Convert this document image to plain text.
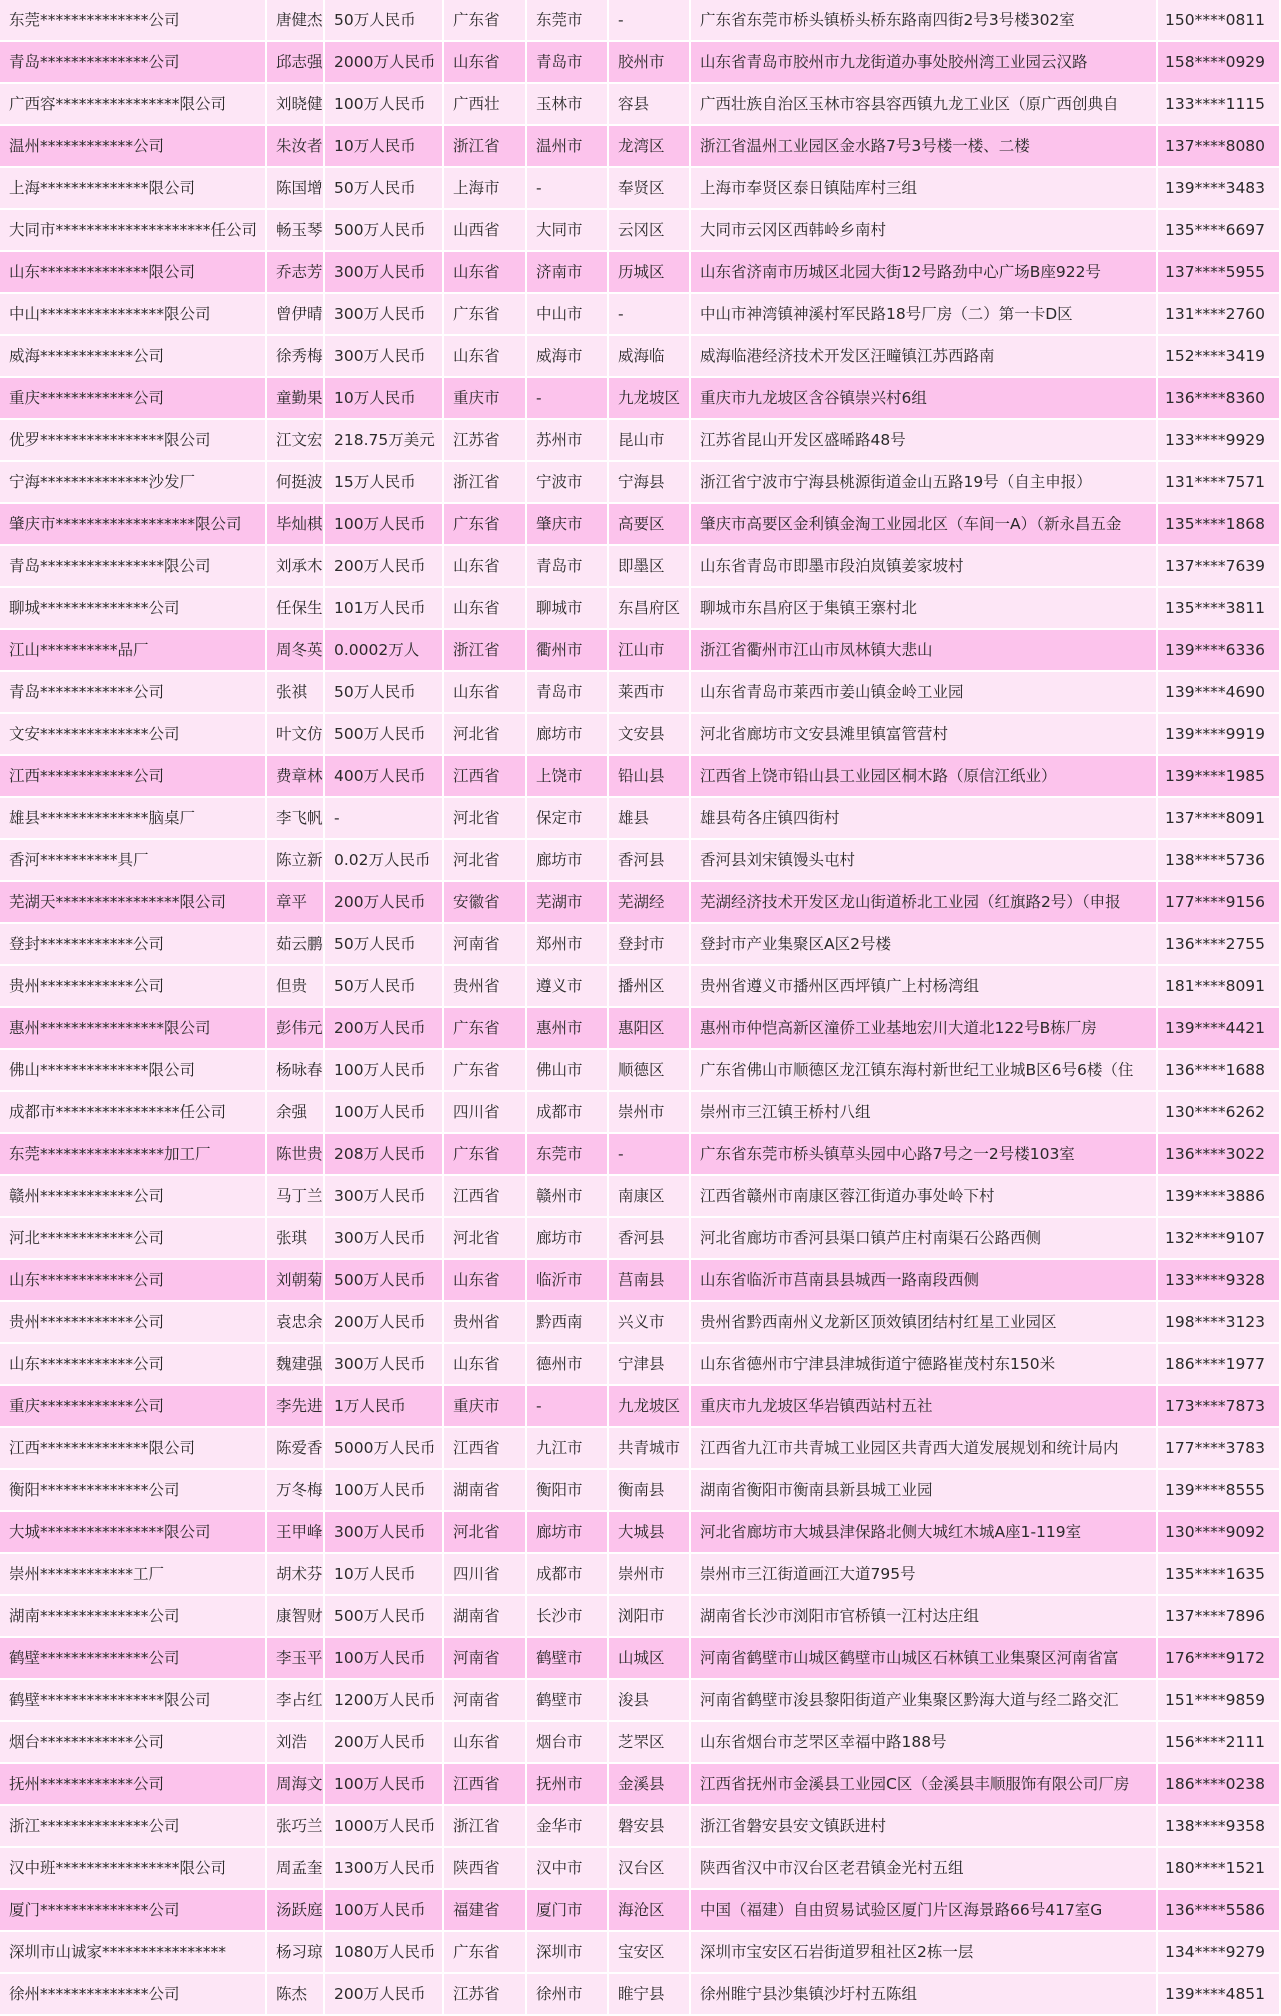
东莞**************公司	唐健杰	50万人民币	广东省	东莞市	-	广东省东莞市桥头镇桥头桥东路南四街2号3号楼302室	150****0811
青岛**************公司	邱志强	2000万人民币	山东省	青岛市	胶州市	山东省青岛市胶州市九龙街道办事处胶州湾工业园云汉路	158****0929
广西容****************限公司	刘晓健	100万人民币	广西壮	玉林市	容县	广西壮族自治区玉林市容县容西镇九龙工业区（原广西创典自	133****1115
温州************公司	朱汝者	10万人民币	浙江省	温州市	龙湾区	浙江省温州工业园区金水路7号3号楼一楼、二楼	137****8080
上海**************限公司	陈国增	50万人民币	上海市	-	奉贤区	上海市奉贤区泰日镇陆库村三组	139****3483
大同市********************任公司	畅玉琴	500万人民币	山西省	大同市	云冈区	大同市云冈区西韩岭乡南村	135****6697
山东**************限公司	乔志芳	300万人民币	山东省	济南市	历城区	山东省济南市历城区北园大街12号路劲中心广场B座922号	137****5955
中山****************限公司	曾伊晴	300万人民币	广东省	中山市	-	中山市神湾镇神溪村军民路18号厂房（二）第一卡D区	131****2760
威海************公司	徐秀梅	300万人民币	山东省	威海市	威海临	威海临港经济技术开发区汪疃镇江苏西路南	152****3419
重庆************公司	童勤果	10万人民币	重庆市	-	九龙坡区	重庆市九龙坡区含谷镇崇兴村6组	136****8360
优罗****************限公司	江文宏	218.75万美元	江苏省	苏州市	昆山市	江苏省昆山开发区盛晞路48号	133****9929
宁海**************沙发厂	何挺波	15万人民币	浙江省	宁波市	宁海县	浙江省宁波市宁海县桃源街道金山五路19号（自主申报）	131****7571
肇庆市******************限公司	毕灿棋	100万人民币	广东省	肇庆市	高要区	肇庆市高要区金利镇金淘工业园北区（车间一A）（新永昌五金	135****1868
青岛****************限公司	刘承木	200万人民币	山东省	青岛市	即墨区	山东省青岛市即墨市段泊岚镇姜家坡村	137****7639
聊城**************公司	任保生	101万人民币	山东省	聊城市	东昌府区	聊城市东昌府区于集镇王寨村北	135****3811
江山**********品厂	周冬英	0.0002万人	浙江省	衢州市	江山市	浙江省衢州市江山市凤林镇大悲山	139****6336
青岛************公司	张祺	50万人民币	山东省	青岛市	莱西市	山东省青岛市莱西市姜山镇金岭工业园	139****4690
文安**************公司	叶文仿	500万人民币	河北省	廊坊市	文安县	河北省廊坊市文安县滩里镇富管营村	139****9919
江西************公司	费章林	400万人民币	江西省	上饶市	铅山县	江西省上饶市铅山县工业园区桐木路（原信江纸业）	139****1985
雄县**************脑桌厂	李飞帆	-	河北省	保定市	雄县	雄县苟各庄镇四街村	137****8091
香河**********具厂	陈立新	0.02万人民币	河北省	廊坊市	香河县	香河县刘宋镇馒头屯村	138****5736
芜湖天****************限公司	章平	200万人民币	安徽省	芜湖市	芜湖经	芜湖经济技术开发区龙山街道桥北工业园（红旗路2号）（申报	177****9156
登封************公司	茹云鹏	50万人民币	河南省	郑州市	登封市	登封市产业集聚区A区2号楼	136****2755
贵州************公司	但贵	50万人民币	贵州省	遵义市	播州区	贵州省遵义市播州区西坪镇广上村杨湾组	181****8091
惠州****************限公司	彭伟元	200万人民币	广东省	惠州市	惠阳区	惠州市仲恺高新区潼侨工业基地宏川大道北122号B栋厂房	139****4421
佛山**************限公司	杨咏春	100万人民币	广东省	佛山市	顺德区	广东省佛山市顺德区龙江镇东海村新世纪工业城B区6号6楼（住	136****1688
成都市****************任公司	余强	100万人民币	四川省	成都市	崇州市	崇州市三江镇王桥村八组	130****6262
东莞****************加工厂	陈世贵	208万人民币	广东省	东莞市	-	广东省东莞市桥头镇草头园中心路7号之一2号楼103室	136****3022
赣州************公司	马丁兰	300万人民币	江西省	赣州市	南康区	江西省赣州市南康区蓉江街道办事处岭下村	139****3886
河北************公司	张琪	300万人民币	河北省	廊坊市	香河县	河北省廊坊市香河县渠口镇芦庄村南渠石公路西侧	132****9107
山东************公司	刘朝菊	500万人民币	山东省	临沂市	莒南县	山东省临沂市莒南县县城西一路南段西侧	133****9328
贵州************公司	袁忠余	200万人民币	贵州省	黔西南	兴义市	贵州省黔西南州义龙新区顶效镇团结村红星工业园区	198****3123
山东************公司	魏建强	300万人民币	山东省	德州市	宁津县	山东省德州市宁津县津城街道宁德路崔茂村东150米	186****1977
重庆************公司	李先进	1万人民币	重庆市	-	九龙坡区	重庆市九龙坡区华岩镇西站村五社	173****7873
江西**************限公司	陈爱香	5000万人民币	江西省	九江市	共青城市	江西省九江市共青城工业园区共青西大道发展规划和统计局内	177****3783
衡阳**************公司	万冬梅	100万人民币	湖南省	衡阳市	衡南县	湖南省衡阳市衡南县新县城工业园	139****8555
大城****************限公司	王甲峰	300万人民币	河北省	廊坊市	大城县	河北省廊坊市大城县津保路北侧大城红木城A座1-119室	130****9092
崇州************工厂	胡术芬	10万人民币	四川省	成都市	崇州市	崇州市三江街道画江大道795号	135****1635
湖南**************公司	康智财	500万人民币	湖南省	长沙市	浏阳市	湖南省长沙市浏阳市官桥镇一江村达庄组	137****7896
鹤壁**************公司	李玉平	100万人民币	河南省	鹤壁市	山城区	河南省鹤壁市山城区鹤壁市山城区石林镇工业集聚区河南省富	176****9172
鹤壁****************限公司	李占红	1200万人民币	河南省	鹤壁市	浚县	河南省鹤壁市浚县黎阳街道产业集聚区黔海大道与经二路交汇	151****9859
烟台************公司	刘浩	200万人民币	山东省	烟台市	芝罘区	山东省烟台市芝罘区幸福中路188号	156****2111
抚州************公司	周海文	100万人民币	江西省	抚州市	金溪县	江西省抚州市金溪县工业园C区（金溪县丰顺服饰有限公司厂房	186****0238
浙江**************公司	张巧兰	1000万人民币	浙江省	金华市	磐安县	浙江省磐安县安文镇跃进村	138****9358
汉中班****************限公司	周孟奎	1300万人民币	陕西省	汉中市	汉台区	陕西省汉中市汉台区老君镇金光村五组	180****1521
厦门**************公司	汤跃庭	100万人民币	福建省	厦门市	海沧区	中国（福建）自由贸易试验区厦门片区海景路66号417室G	136****5586
深圳市山诚家****************	杨习琼	1080万人民币	广东省	深圳市	宝安区	深圳市宝安区石岩街道罗租社区2栋一层	134****9279
徐州**************公司	陈杰	200万人民币	江苏省	徐州市	睢宁县	徐州睢宁县沙集镇沙圩村五陈组	139****4851
